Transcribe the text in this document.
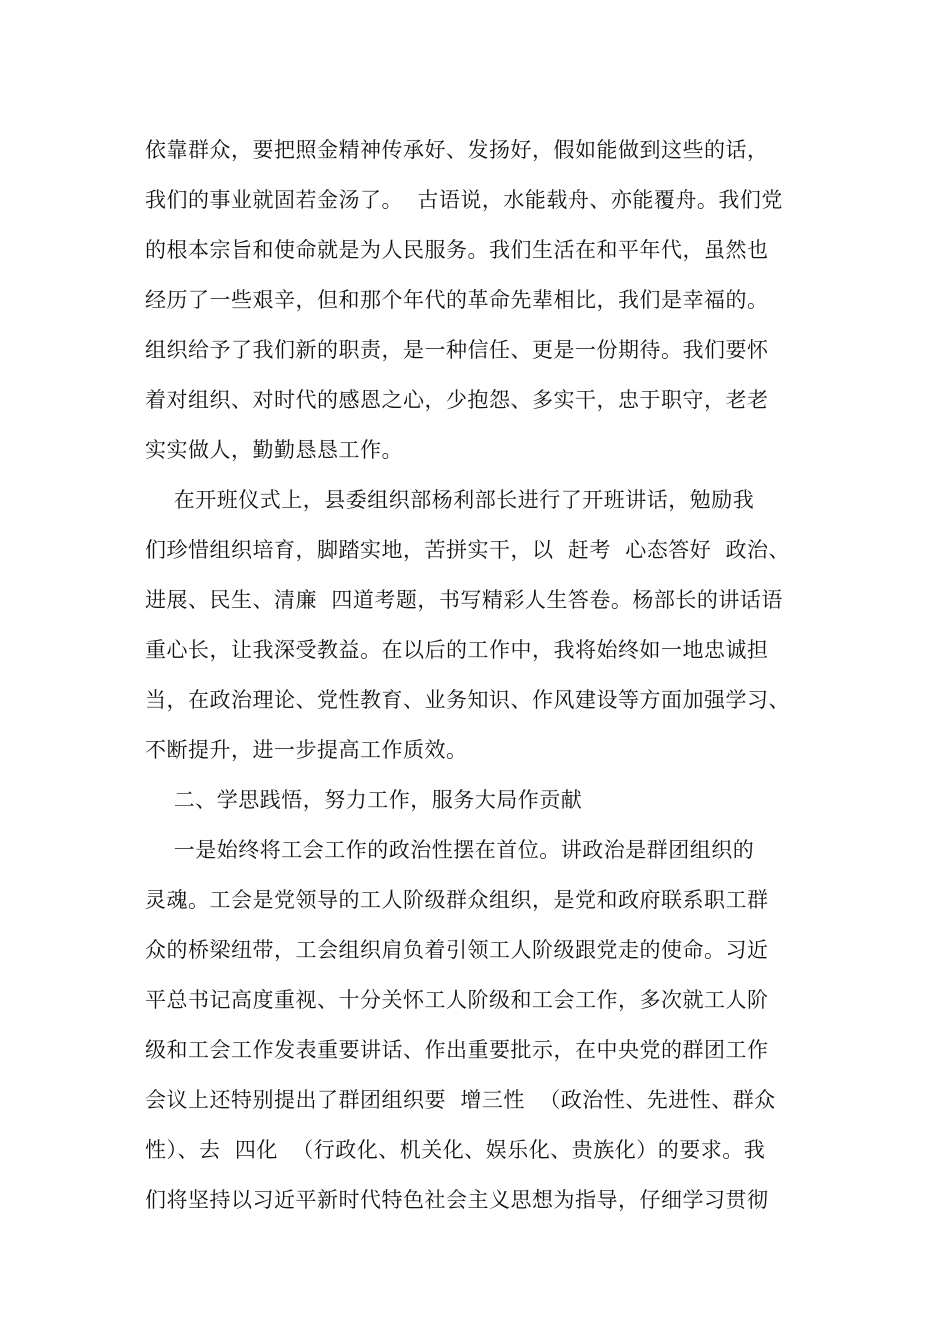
依靠群众，要把照金精神传承好、发扬好，假如能做到这些的话，
我们的事业就固若金汤了。  古语说，水能载舟、亦能覆舟。我们党
的根本宗旨和使命就是为人民服务。我们生活在和平年代，虽然也
经历了一些艰辛，但和那个年代的革命先辈相比，我们是幸福的。
组织给予了我们新的职责，是一种信任、更是一份期待。我们要怀
着对组织、对时代的感恩之心，少抱怨、多实干，忠于职守，老老
实实做人，勤勤恳恳工作。
在开班仪式上，县委组织部杨利部长进行了开班讲话，勉励我
们珍惜组织培育，脚踏实地，苦拼实干，以  赶考  心态答好  政治、
进展、民生、清廉  四道考题，书写精彩人生答卷。杨部长的讲话语
重心长，让我深受教益。在以后的工作中，我将始终如一地忠诚担
当，在政治理论、党性教育、业务知识、作风建设等方面加强学习、
不断提升，进一步提高工作质效。
二、学思践悟，努力工作，服务大局作贡献
一是始终将工会工作的政治性摆在首位。讲政治是群团组织的
灵魂。工会是党领导的工人阶级群众组织，是党和政府联系职工群
众的桥梁纽带，工会组织肩负着引领工人阶级跟党走的使命。习近
平总书记高度重视、十分关怀工人阶级和工会工作，多次就工人阶
级和工会工作发表重要讲话、作出重要批示，在中央党的群团工作
会议上还特别提出了群团组织要  增三性  （政治性、先进性、群众
性）、去  四化  （行政化、机关化、娱乐化、贵族化）的要求。我
们将坚持以习近平新时代特色社会主义思想为指导，仔细学习贯彻
